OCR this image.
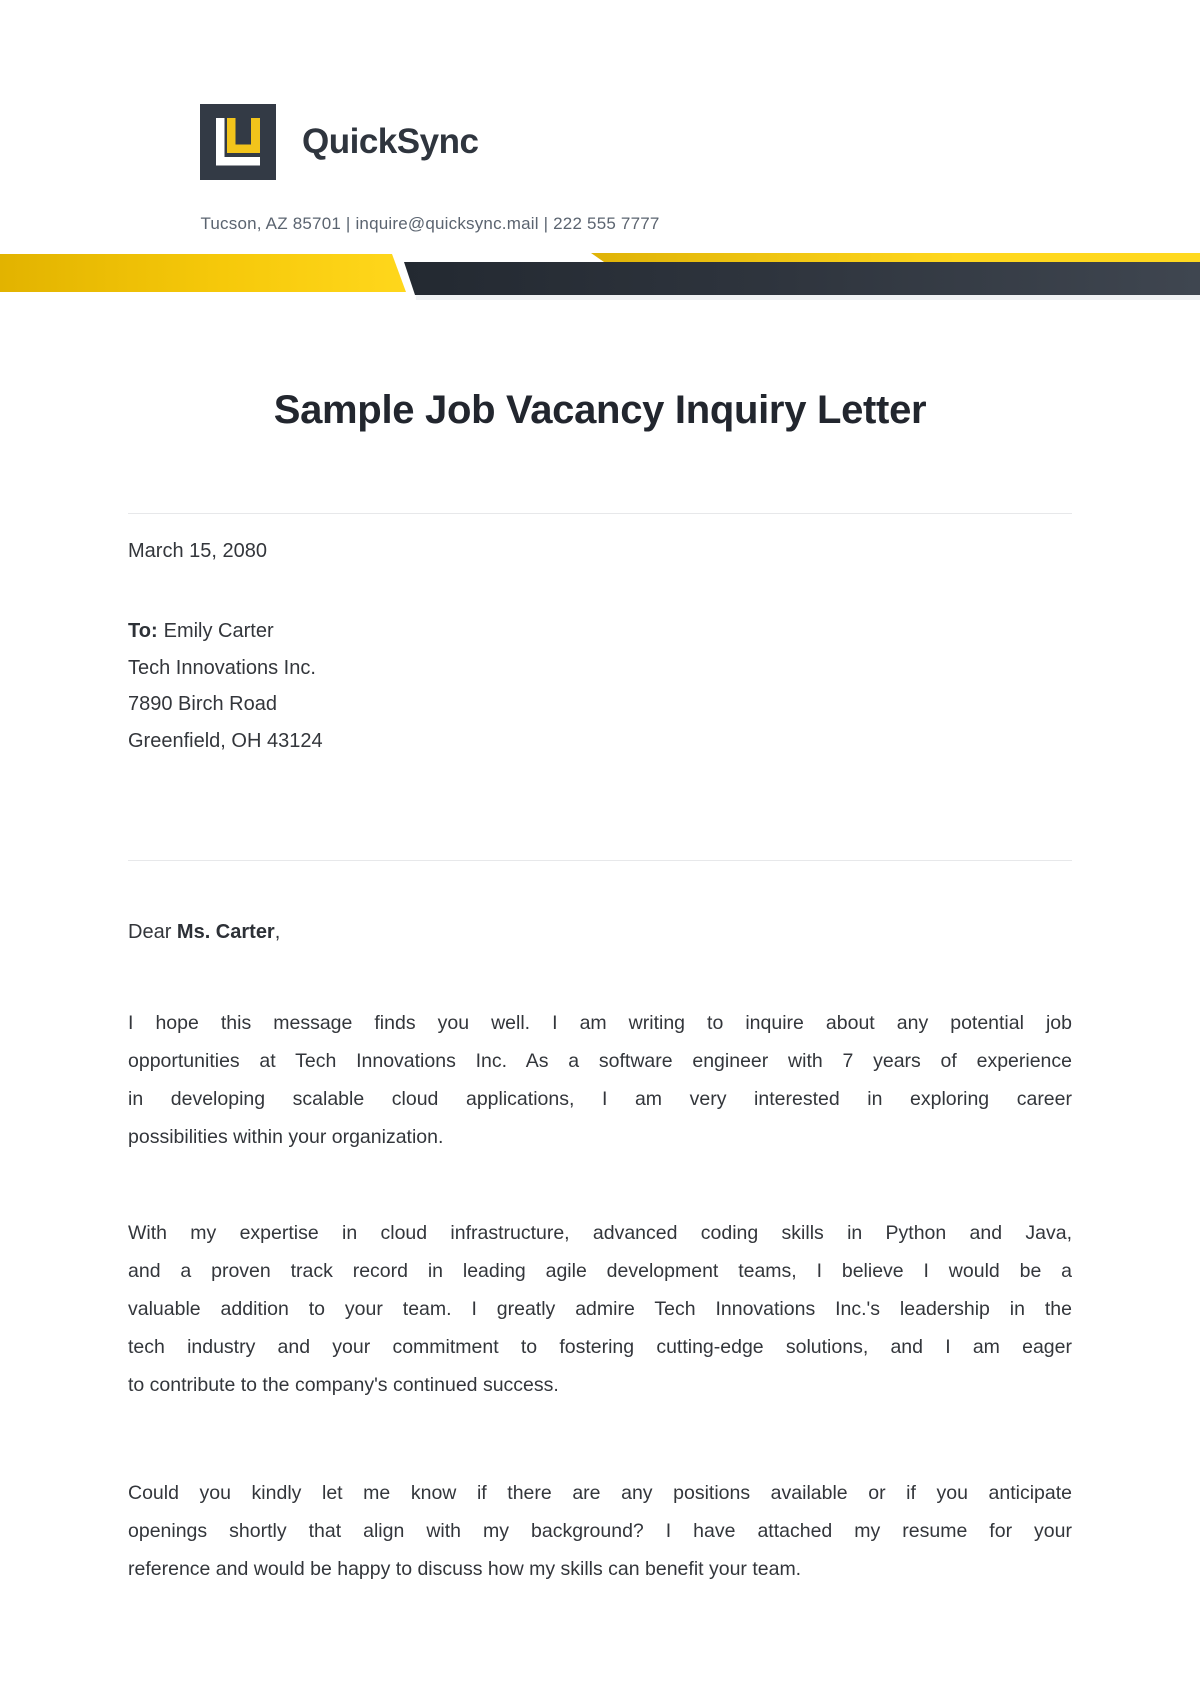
QuickSync
Tucson, AZ 85701 | inquire@quicksync.mail | 222 555 7777
Sample Job Vacancy Inquiry Letter
March 15, 2080
To: Emily Carter
Tech Innovations Inc.
7890 Birch Road
Greenfield, OH 43124
Dear Ms. Carter,
I hope this message finds you well. I am writing to inquire about any potential job
opportunities at Tech Innovations Inc. As a software engineer with 7 years of experience
in developing scalable cloud applications, I am very interested in exploring career
possibilities within your organization.
With my expertise in cloud infrastructure, advanced coding skills in Python and Java,
and a proven track record in leading agile development teams, I believe I would be a
valuable addition to your team. I greatly admire Tech Innovations Inc.'s leadership in the
tech industry and your commitment to fostering cutting-edge solutions, and I am eager
to contribute to the company's continued success.
Could you kindly let me know if there are any positions available or if you anticipate
openings shortly that align with my background? I have attached my resume for your
reference and would be happy to discuss how my skills can benefit your team.
